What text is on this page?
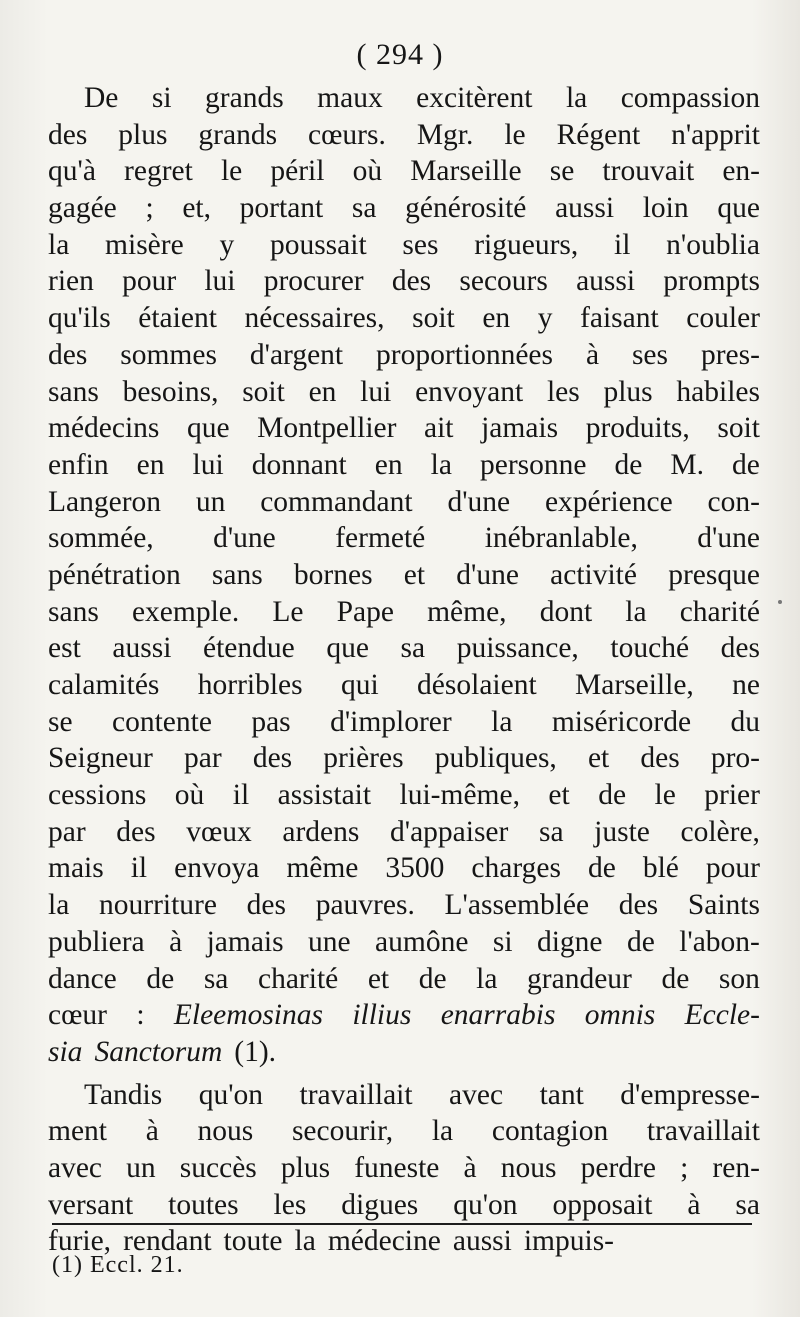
( 294 )
De si grands maux excitèrent la compassion
des plus grands cœurs. Mgr. le Régent n'apprit
qu'à regret le péril où Marseille se trouvait en-
gagée ; et, portant sa générosité aussi loin que
la misère y poussait ses rigueurs, il n'oublia
rien pour lui procurer des secours aussi prompts
qu'ils étaient nécessaires, soit en y faisant couler
des sommes d'argent proportionnées à ses pres-
sans besoins, soit en lui envoyant les plus habiles
médecins que Montpellier ait jamais produits, soit
enfin en lui donnant en la personne de M. de
Langeron un commandant d'une expérience con-
sommée, d'une fermeté inébranlable, d'une
pénétration sans bornes et d'une activité presque
sans exemple. Le Pape même, dont la charité
est aussi étendue que sa puissance, touché des
calamités horribles qui désolaient Marseille, ne
se contente pas d'implorer la miséricorde du
Seigneur par des prières publiques, et des pro-
cessions où il assistait lui-même, et de le prier
par des vœux ardens d'appaiser sa juste colère,
mais il envoya même 3500 charges de blé pour
la nourriture des pauvres. L'assemblée des Saints
publiera à jamais une aumône si digne de l'abon-
dance de sa charité et de la grandeur de son
cœur : Eleemosinas illius enarrabis omnis Eccle-
sia Sanctorum (1).
Tandis qu'on travaillait avec tant d'empresse-
ment à nous secourir, la contagion travaillait
avec un succès plus funeste à nous perdre ; ren-
versant toutes les digues qu'on opposait à sa
furie, rendant toute la médecine aussi impuis-
(1) Eccl. 21.
